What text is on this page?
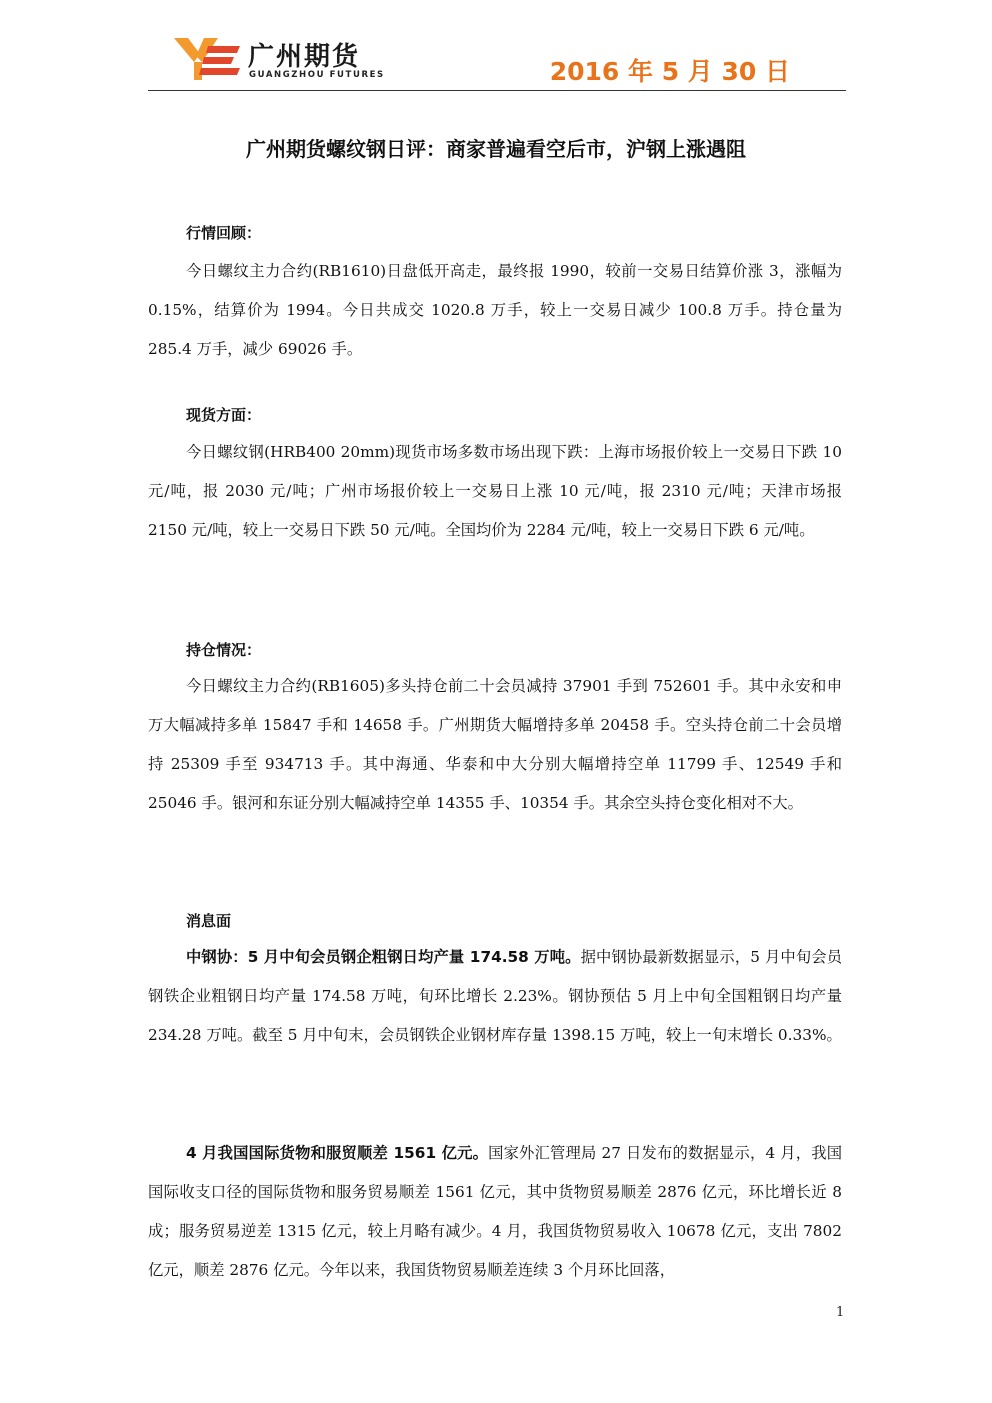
广州期货
GUANGZHOU FUTURES	2016 年 5 月 30 日
广州期货螺纹钢日评：商家普遍看空后市，沪钢上涨遇阻
行情回顾：

今日螺纹主力合约(RB1610)日盘低开高走，最终报 1990，较前一交易日结算价涨 3，涨幅为 0.15%，结算价为 1994。今日共成交 1020.8 万手，较上一交易日减少 100.8 万手。持仓量为 285.4 万手，减少 69026 手。

现货方面：

今日螺纹钢(HRB400 20mm)现货市场多数市场出现下跌：上海市场报价较上一交易日下跌 10 元/吨，报 2030 元/吨；广州市场报价较上一交易日上涨 10 元/吨，报 2310 元/吨；天津市场报 2150 元/吨，较上一交易日下跌 50 元/吨。全国均价为 2284 元/吨，较上一交易日下跌 6 元/吨。

持仓情况：

今日螺纹主力合约(RB1605)多头持仓前二十会员减持 37901 手到 752601 手。其中永安和申万大幅减持多单 15847 手和 14658 手。广州期货大幅增持多单 20458 手。空头持仓前二十会员增持 25309 手至 934713 手。其中海通、华泰和中大分别大幅增持空单 11799 手、12549 手和 25046 手。银河和东证分别大幅减持空单 14355 手、10354 手。其余空头持仓变化相对不大。

消息面

中钢协：5 月中旬会员钢企粗钢日均产量 174.58 万吨。据中钢协最新数据显示，5 月中旬会员钢铁企业粗钢日均产量 174.58 万吨，旬环比增长 2.23%。钢协预估 5 月上中旬全国粗钢日均产量 234.28 万吨。截至 5 月中旬末，会员钢铁企业钢材库存量 1398.15 万吨，较上一旬末增长 0.33%。

4 月我国国际货物和服贸顺差 1561 亿元。国家外汇管理局 27 日发布的数据显示，4 月，我国国际收支口径的国际货物和服务贸易顺差 1561 亿元，其中货物贸易顺差 2876 亿元，环比增长近 8 成；服务贸易逆差 1315 亿元，较上月略有减少。4 月，我国货物贸易收入 10678 亿元，支出 7802 亿元，顺差 2876 亿元。今年以来，我国货物贸易顺差连续 3 个月环比回落，

1
